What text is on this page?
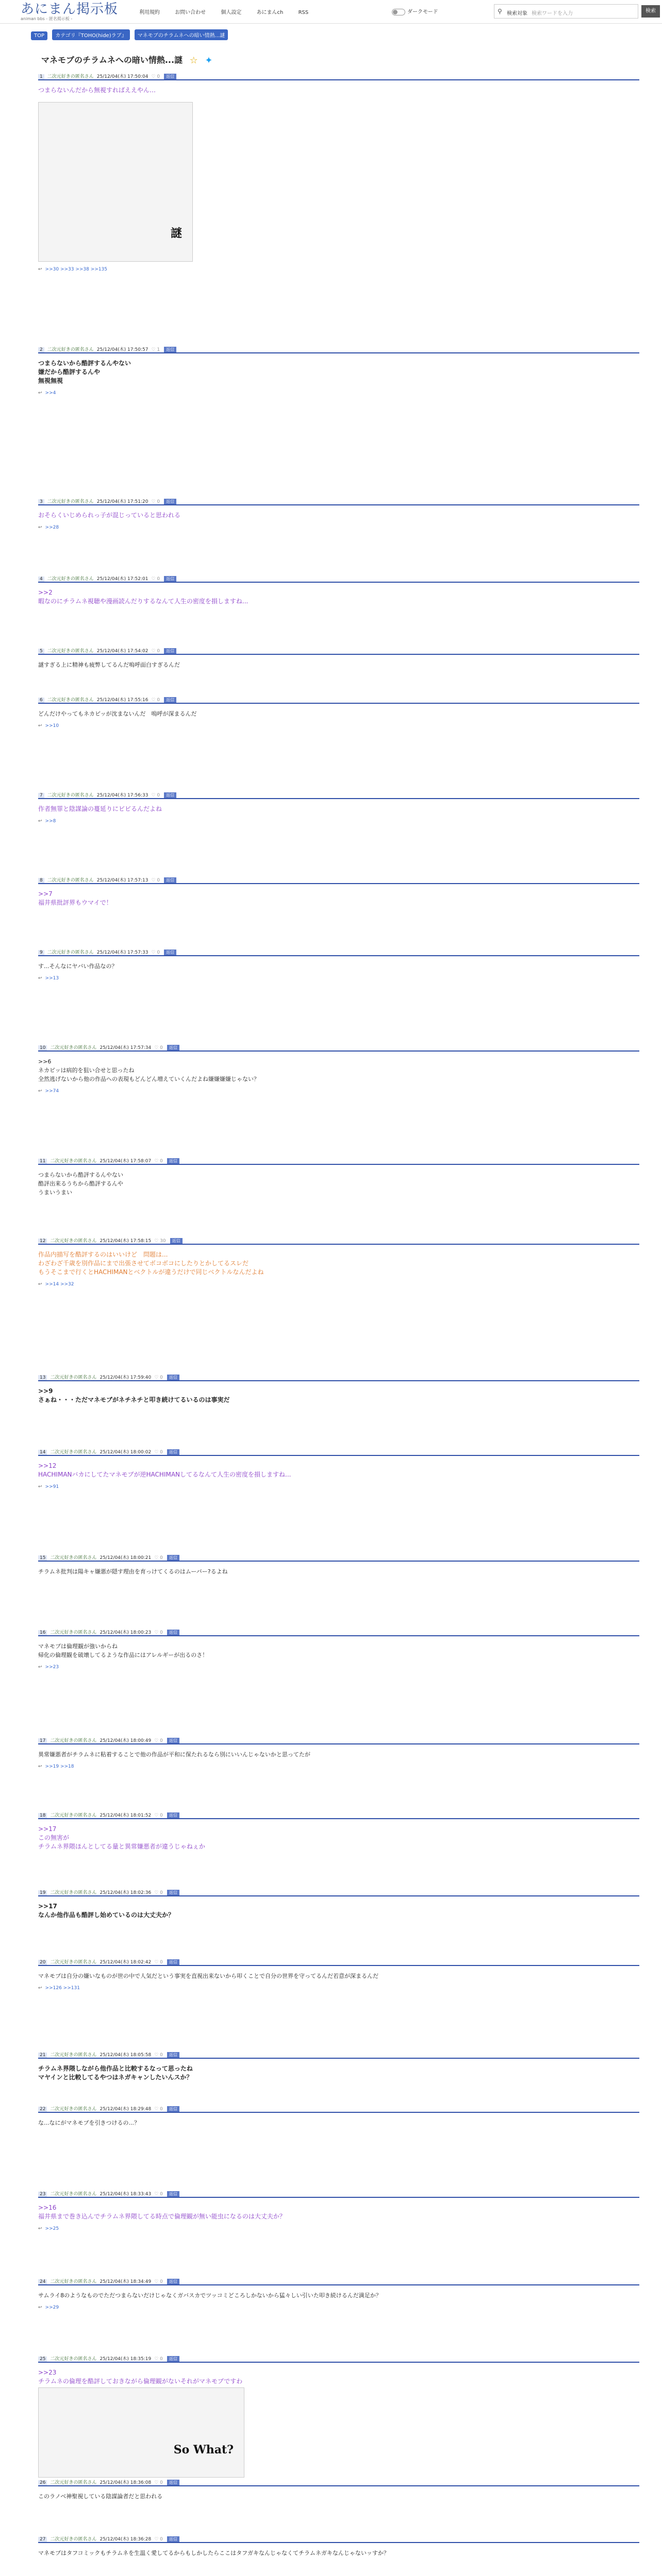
あにまん掲示板
animan bbs - 匿名掲示板 -
利用規約	お問い合わせ	個人設定	あにまんch	RSS	ダークモード	⚲ 検索対象 検索ワードを入力	検索
TOP カテゴリ『TOHO(hide)ラブ』 マネモブのチラムネへの暗い情熱...謎
マネモブのチラムネへの暗い情熱...謎 ☆ ✦
1 二次元好きの匿名さん 25/12/04(木) 17:50:04 ♡ 0 返信
つまらないんだから無視すればええやん…
謎
↩ >>30 >>33 >>38 >>135
2 二次元好きの匿名さん 25/12/04(木) 17:50:57 ♡ 1 返信
つまらないから酷評するんやない
嫌だから酷評するんや
無視無視
↩ >>4
3 二次元好きの匿名さん 25/12/04(木) 17:51:20 ♡ 0 返信
おそらくいじめられっ子が混じっていると思われる
↩ >>28
4 二次元好きの匿名さん 25/12/04(木) 17:52:01 ♡ 0 返信
>>2
暇なのにチラムネ視聴や漫画読んだりするなんて人生の密度を損しますね...
5 二次元好きの匿名さん 25/12/04(木) 17:54:02 ♡ 0 返信
謎すぎる上に精神も疲弊してるんだ嗚呼面白すぎるんだ
6 二次元好きの匿名さん 25/12/04(木) 17:55:16 ♡ 0 返信
どんだけやってもネカピッが沈まないんだ　嗚呼が深まるんだ
↩ >>10
7 二次元好きの匿名さん 25/12/04(木) 17:56:33 ♡ 0 返信
作者無罪と陰謀論の蔓延りにビビるんだよね
↩ >>8
8 二次元好きの匿名さん 25/12/04(木) 17:57:13 ♡ 0 返信
>>7
福井県批評界もウマイで！
9 二次元好きの匿名さん 25/12/04(木) 17:57:33 ♡ 0 返信
す...そんなにヤバい作品なの？
↩ >>13
10 二次元好きの匿名さん 25/12/04(木) 17:57:34 ♡ 0 返信
>>6
ネカピッは病的を狙い合せと思ったね
全然逃げないから他の作品への表現もどんどん増えていくんだよね嫌嫌嫌嫌じゃない？
↩ >>74
11 二次元好きの匿名さん 25/12/04(木) 17:58:07 ♡ 0 返信
つまらないから酷評するんやない
酷評出来るうちから酷評するんや
うまいうまい
12 二次元好きの匿名さん 25/12/04(木) 17:58:15 ♡ 30 返信
作品内描写を酷評するのはいいけど　問題は...
わざわざ千歳を別作品にまで出張させてボコボコにしたりとかしてるスレだ
もうそこまで行くとHACHIMANとベクトルが違うだけで同じベクトルなんだよね
↩ >>14 >>32
13 二次元好きの匿名さん 25/12/04(木) 17:59:40 ♡ 0 返信
>>9
さぁね・・・ただマネモブがネチネチと叩き続けてるいるのは事実だ
14 二次元好きの匿名さん 25/12/04(木) 18:00:02 ♡ 0 返信
>>12
HACHIMANバカにしてたマネモブが逆HACHIMANしてるなんて人生の密度を損しますね...
↩ >>91
15 二次元好きの匿名さん 25/12/04(木) 18:00:21 ♡ 0 返信
チラムネ批判は陽キャ嫌悪が隠す理由を育っけてくるのはムーバー?るよね
16 二次元好きの匿名さん 25/12/04(木) 18:00:23 ♡ 0 返信
マネモブは倫理観が強いからね
帰化の倫理観を破壊してるような作品にはアレルギーが出るのさ！
↩ >>23
17 二次元好きの匿名さん 25/12/04(木) 18:00:49 ♡ 0 返信
異常嫌悪者がチラムネに粘着することで他の作品が平和に保たれるなら別にいいんじゃないかと思ってたが
↩ >>19 >>18
18 二次元好きの匿名さん 25/12/04(木) 18:01:52 ♡ 0 返信
>>17
この無害が
チラムネ界隈ほんとしてる量と異常嫌悪者が違うじゃねぇか
19 二次元好きの匿名さん 25/12/04(木) 18:02:36 ♡ 0 返信
>>17
なんか他作品も酷評し始めているのは大丈夫か？
20 二次元好きの匿名さん 25/12/04(木) 18:02:42 ♡ 0 返信
マネモブは自分の嫌いなものが世の中で人気だという事実を直視出来ないから叩くことで自分の世界を守ってるんだ若意が深まるんだ
↩ >>126 >>131
21 二次元好きの匿名さん 25/12/04(木) 18:05:58 ♡ 0 返信
チラムネ界隈しながら他作品と比較するなって思ったね
マヤインと比較してるやつはネガキャンしたいんスか？
22 二次元好きの匿名さん 25/12/04(木) 18:29:48 ♡ 0 返信
な...なにがマネモブを引きつけるの...？
23 二次元好きの匿名さん 25/12/04(木) 18:33:43 ♡ 0 返信
>>16
福井県まで巻き込んでチラムネ界隈してる時点で倫理観が無い能虫になるのは大丈夫か？
↩ >>25
24 二次元好きの匿名さん 25/12/04(木) 18:34:49 ♡ 0 返信
サムライ8のようなものでただつまらないだけじゃなくガバスカでツッコミどころしかないから猛々しい引いた叩き続けるんだ満足か？
↩ >>29
25 二次元好きの匿名さん 25/12/04(木) 18:35:19 ♡ 0 返信
>>23
チラムネの倫理を酷評しておきながら倫理観がないそれがマネモブですわ
So What?
26 二次元好きの匿名さん 25/12/04(木) 18:36:08 ♡ 0 返信
このラノベ神聖視している陰謀論者だと思われる
27 二次元好きの匿名さん 25/12/04(木) 18:36:28 ♡ 0 返信
マネモブはタフコミックもチラムネを生温く愛してるからもしかしたらここはタフガキなんじゃなくてチラムネガキなんじゃないッすか？
